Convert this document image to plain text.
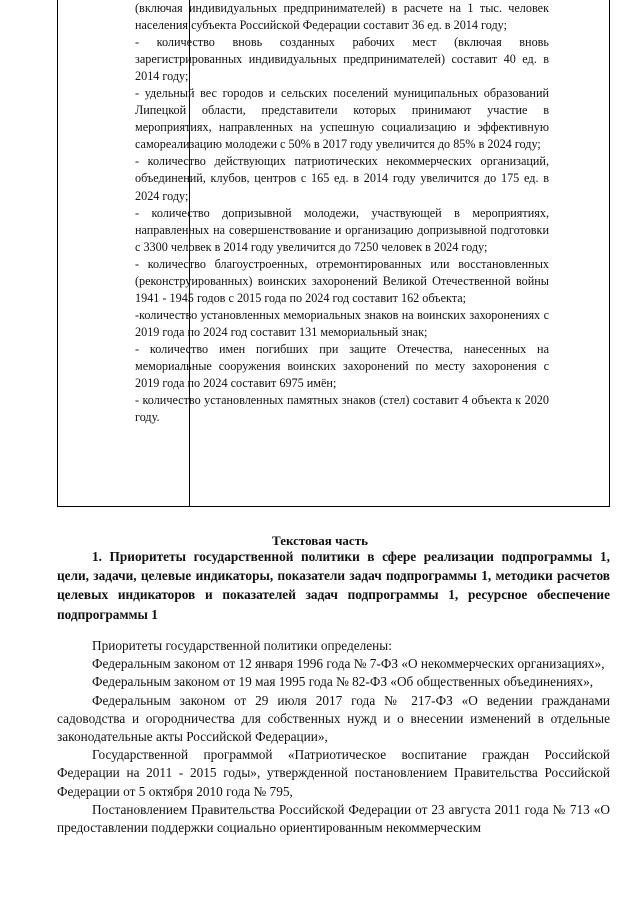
(включая индивидуальных предпринимателей) в расчете на 1 тыс. человек населения субъекта Российской Федерации составит 36 ед. в 2014 году;

- количество вновь созданных рабочих мест (включая вновь зарегистрированных индивидуальных предпринимателей) составит 40 ед. в 2014 году;

- удельный вес городов и сельских поселений муниципальных образований Липецкой области, представители которых принимают участие в мероприятиях, направленных на успешную социализацию и эффективную самореализацию молодежи с 50% в 2017 году увеличится до 85% в 2024 году;

- количество действующих патриотических некоммерческих организаций, объединений, клубов, центров с 165 ед. в 2014 году увеличится до 175 ед. в 2024 году;

- количество допризывной молодежи, участвующей в мероприятиях, направленных на совершенствование и организацию допризывной подготовки с 3300 человек в 2014 году увеличится до 7250 человек в 2024 году;

- количество благоустроенных, отремонтированных или восстановленных (реконструированных) воинских захоронений Великой Отечественной войны 1941 - 1945 годов с 2015 года по 2024 год составит 162 объекта;

-количество установленных мемориальных знаков на воинских захоронениях с 2019 года по 2024 год составит 131 мемориальный знак;

- количество имен погибших при защите Отечества, нанесенных на мемориальные сооружения воинских захоронений по месту захоронения с 2019 года по 2024 составит 6975 имён;

- количество установленных памятных знаков (стел) составит 4 объекта к 2020 году.

Текстовая часть

1. Приоритеты государственной политики в сфере реализации подпрограммы 1, цели, задачи, целевые индикаторы, показатели задач подпрограммы 1, методики расчетов целевых индикаторов и показателей задач подпрограммы 1, ресурсное обеспечение подпрограммы 1

Приоритеты государственной политики определены:

Федеральным законом от 12 января 1996 года № 7-ФЗ «О некоммерческих организациях»,

Федеральным законом от 19 мая 1995 года № 82-ФЗ «Об общественных объединениях»,

Федеральным законом от 29 июля 2017 года № 217-ФЗ «О ведении гражданами садоводства и огородничества для собственных нужд и о внесении изменений в отдельные законодательные акты Российской Федерации»,

Государственной программой «Патриотическое воспитание граждан Российской Федерации на 2011 - 2015 годы», утвержденной постановлением Правительства Российской Федерации от 5 октября 2010 года № 795,

Постановлением Правительства Российской Федерации от 23 августа 2011 года № 713 «О предоставлении поддержки социально ориентированным некоммерческим
